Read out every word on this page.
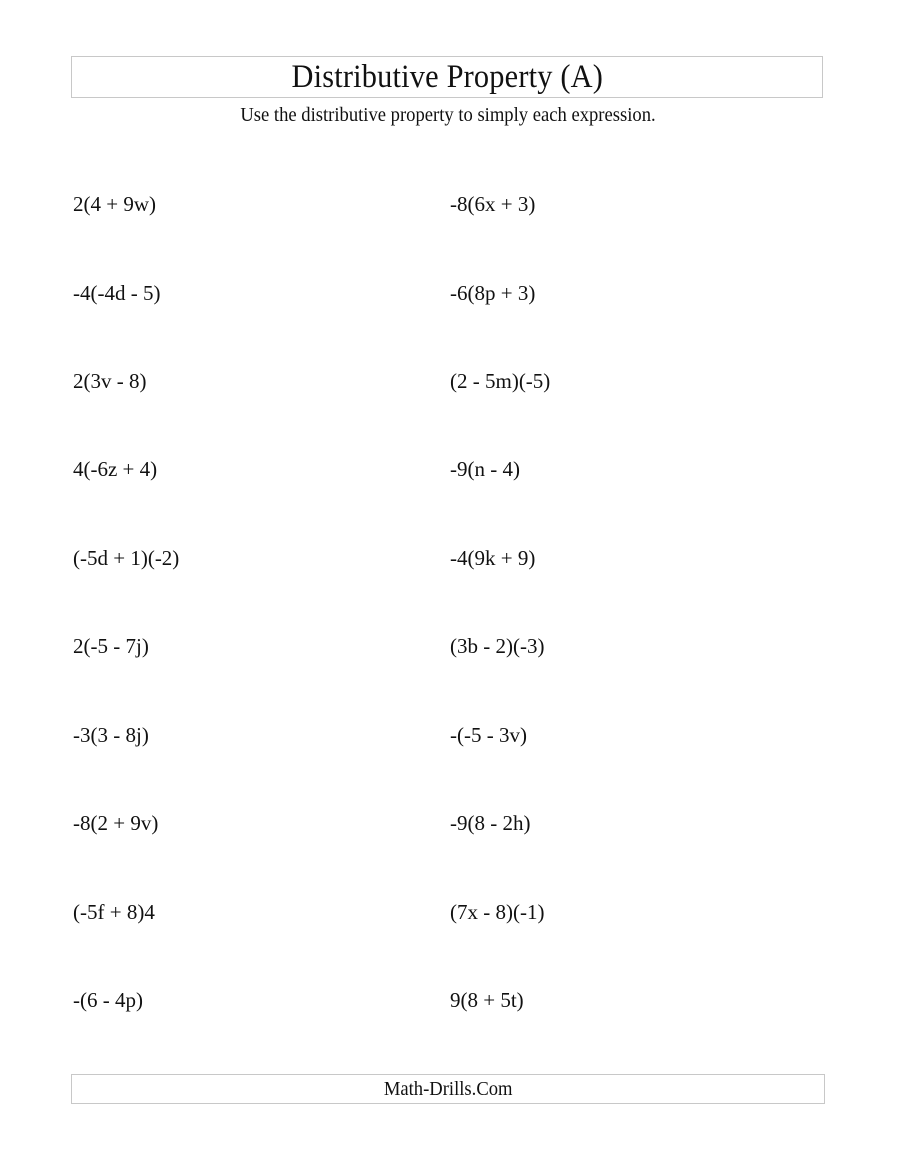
Distributive Property (A)
Use the distributive property to simply each expression.
2(4 + 9w)
-4(-4d - 5)
2(3v - 8)
4(-6z + 4)
(-5d + 1)(-2)
2(-5 - 7j)
-3(3 - 8j)
-8(2 + 9v)
(-5f + 8)4
-(6 - 4p)
-8(6x + 3)
-6(8p + 3)
(2 - 5m)(-5)
-9(n - 4)
-4(9k + 9)
(3b - 2)(-3)
-(-5 - 3v)
-9(8 - 2h)
(7x - 8)(-1)
9(8 + 5t)
Math-Drills.Com
